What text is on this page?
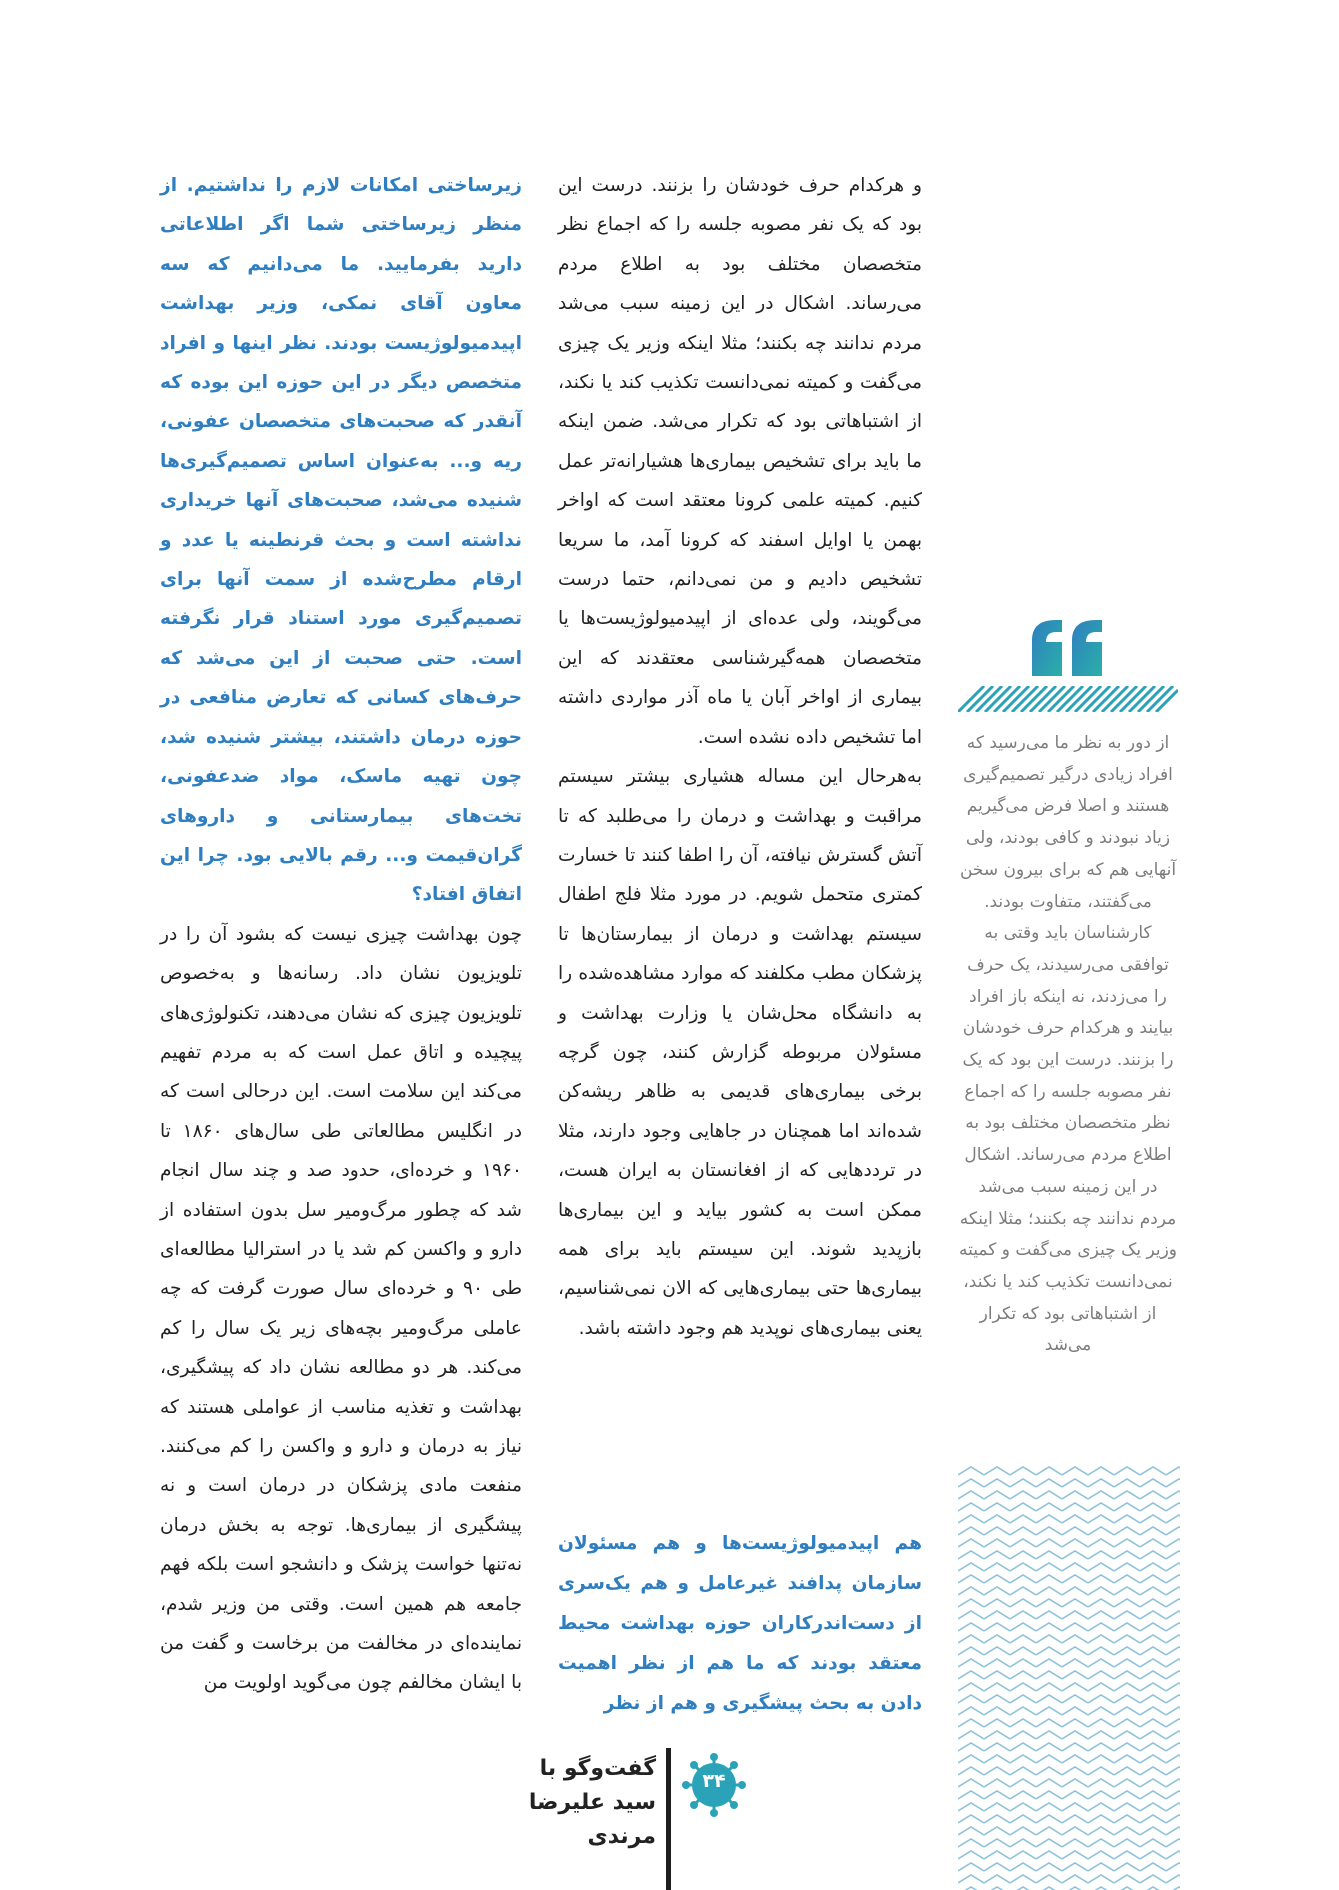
زیرساختی امکانات لازم را نداشتیم. از منظر زیرساختی شما اگر اطلاعاتی دارید بفرمایید. ما می‌دانیم که سه معاون آقای نمکی، وزیر بهداشت اپیدمیولوژیست بودند. نظر اینها و افراد متخصص دیگر در این حوزه این بوده که آنقدر که صحبت‌های متخصصان عفونی، ریه و... به‌عنوان اساس تصمیم‌گیری‌ها شنیده می‌شد، صحبت‌های آنها خریداری نداشته است و بحث قرنطینه یا عدد و ارقام مطرح‌شده از سمت آنها برای تصمیم‌گیری مورد استناد قرار نگرفته است. حتی صحبت از این می‌شد که حرف‌های کسانی که تعارض منافعی در حوزه درمان داشتند، بیشتر شنیده شد، چون تهیه ماسک، مواد ضدعفونی، تخت‌های بیمارستانی و داروهای گران‌قیمت و... رقم بالایی بود. چرا این اتفاق افتاد؟

چون بهداشت چیزی نیست که بشود آن را در تلویزیون نشان داد. رسانه‌ها و به‌خصوص تلویزیون چیزی که نشان می‌دهند، تکنولوژی‌های پیچیده و اتاق عمل است که به مردم تفهیم می‌کند این سلامت است. این درحالی است که در انگلیس مطالعاتی طی سال‌های ۱۸۶۰ تا ۱۹۶۰ و خرده‌ای، حدود صد و چند سال انجام شد که چطور مرگ‌ومیر سل بدون استفاده از دارو و واکسن کم شد یا در استرالیا مطالعه‌ای طی ۹۰ و خرده‌ای سال صورت گرفت که چه عاملی مرگ‌ومیر بچه‌های زیر یک سال را کم می‌کند. هر دو مطالعه نشان داد که پیشگیری، بهداشت و تغذیه مناسب از عواملی هستند که نیاز به درمان و دارو و واکسن را کم می‌کنند. منفعت مادی پزشکان در درمان است و نه پیشگیری از بیماری‌ها. توجه به بخش درمان نه‌تنها خواست پزشک و دانشجو است بلکه فهم جامعه هم همین است. وقتی من وزیر شدم، نماینده‌ای در مخالفت من برخاست و گفت من با ایشان مخالفم چون می‌گوید اولویت من

و هرکدام حرف خودشان را بزنند. درست این بود که یک نفر مصوبه جلسه را که اجماع نظر متخصصان مختلف بود به اطلاع مردم می‌رساند. اشکال در این زمینه سبب می‌شد مردم ندانند چه بکنند؛ مثلا اینکه وزیر یک چیزی می‌گفت و کمیته نمی‌دانست تکذیب کند یا نکند، از اشتباهاتی بود که تکرار می‌شد. ضمن اینکه ما باید برای تشخیص بیماری‌ها هشیارانه‌تر عمل کنیم. کمیته علمی کرونا معتقد است که اواخر بهمن یا اوایل اسفند که کرونا آمد، ما سریعا تشخیص دادیم و من نمی‌دانم، حتما درست می‌گویند، ولی عده‌ای از اپیدمیولوژیست‌ها یا متخصصان همه‌گیرشناسی معتقدند که این بیماری از اواخر آبان یا ماه آذر مواردی داشته اما تشخیص داده نشده است.

به‌هرحال این مساله هشیاری بیشتر سیستم مراقبت و بهداشت و درمان را می‌طلبد که تا آتش گسترش نیافته، آن را اطفا کنند تا خسارت کمتری متحمل شویم. در مورد مثلا فلج اطفال سیستم بهداشت و درمان از بیمارستان‌ها تا پزشکان مطب مکلفند که موارد مشاهده‌شده را به دانشگاه محل‌شان یا وزارت بهداشت و مسئولان مربوطه گزارش کنند، چون گرچه برخی بیماری‌های قدیمی به ظاهر ریشه‌کن شده‌اند اما همچنان در جاهایی وجود دارند، مثلا در ترددهایی که از افغانستان به ایران هست، ممکن است به کشور بیاید و این بیماری‌ها بازپدید شوند. این سیستم باید برای همه بیماری‌ها حتی بیماری‌هایی که الان نمی‌شناسیم، یعنی بیماری‌های نوپدید هم وجود داشته باشد.

هم اپیدمیولوژیست‌ها و هم مسئولان سازمان پدافند غیرعامل و هم یک‌سری از دست‌اندرکاران حوزه بهداشت محیط معتقد بودند که ما هم از نظر اهمیت دادن به بحث پیشگیری و هم از نظر

از دور به نظر ما می‌رسید که افراد زیادی درگیر تصمیم‌گیری هستند و اصلا فرض می‌گیریم زیاد نبودند و کافی بودند، ولی آنهایی هم که برای بیرون سخن می‌گفتند، متفاوت بودند. کارشناسان باید وقتی به توافقی می‌رسیدند، یک حرف را می‌زدند، نه اینکه باز افراد بیایند و هرکدام حرف خودشان را بزنند. درست این بود که یک نفر مصوبه جلسه را که اجماع نظر متخصصان مختلف بود به اطلاع مردم می‌رساند. اشکال در این زمینه سبب می‌شد مردم ندانند چه بکنند؛ مثلا اینکه وزیر یک چیزی می‌گفت و کمیته نمی‌دانست تکذیب کند یا نکند، از اشتباهاتی بود که تکرار می‌شد

۳۴
گفت‌وگو با
سید علیرضا مرندی
